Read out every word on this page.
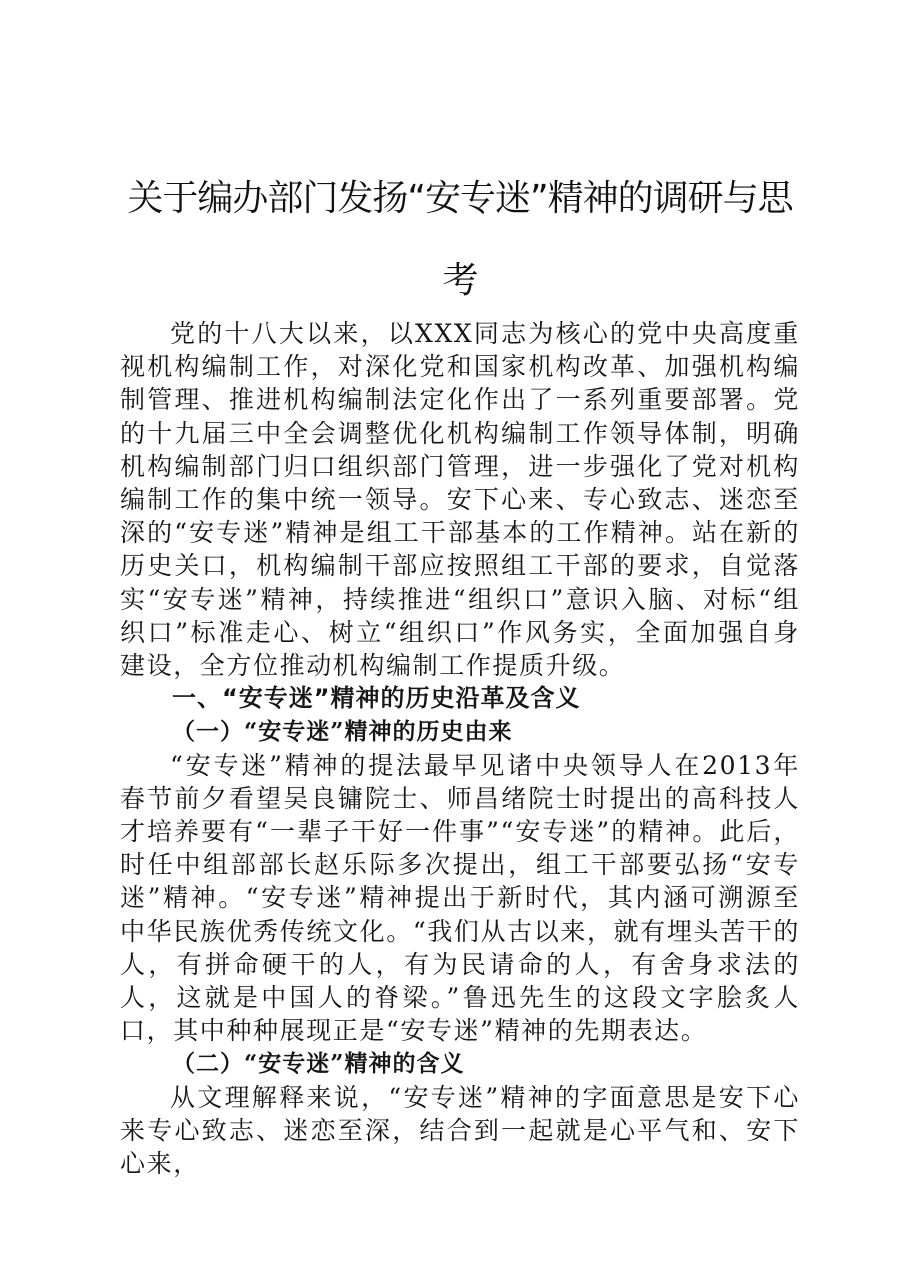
关于编办部门发扬“安专迷”精神的调研与思考

党的十八大以来，以XXX同志为核心的党中央高度重视机构编制工作，对深化党和国家机构改革、加强机构编制管理、推进机构编制法定化作出了一系列重要部署。党的十九届三中全会调整优化机构编制工作领导体制，明确机构编制部门归口组织部门管理，进一步强化了党对机构编制工作的集中统一领导。安下心来、专心致志、迷恋至深的“安专迷”精神是组工干部基本的工作精神。站在新的历史关口，机构编制干部应按照组工干部的要求，自觉落实“安专迷”精神，持续推进“组织口”意识入脑、对标“组织口”标准走心、树立“组织口”作风务实，全面加强自身建设，全方位推动机构编制工作提质升级。

一、“安专迷”精神的历史沿革及含义

（一）“安专迷”精神的历史由来

“安专迷”精神的提法最早见诸中央领导人在2013年春节前夕看望吴良镛院士、师昌绪院士时提出的高科技人才培养要有“一辈子干好一件事”“安专迷”的精神。此后，时任中组部部长赵乐际多次提出，组工干部要弘扬“安专迷”精神。“安专迷”精神提出于新时代，其内涵可溯源至中华民族优秀传统文化。“我们从古以来，就有埋头苦干的人，有拼命硬干的人，有为民请命的人，有舍身求法的人，这就是中国人的脊梁。”鲁迅先生的这段文字脍炙人口，其中种种展现正是“安专迷”精神的先期表达。

（二）“安专迷”精神的含义

从文理解释来说，“安专迷”精神的字面意思是安下心来专心致志、迷恋至深，结合到一起就是心平气和、安下心来，
